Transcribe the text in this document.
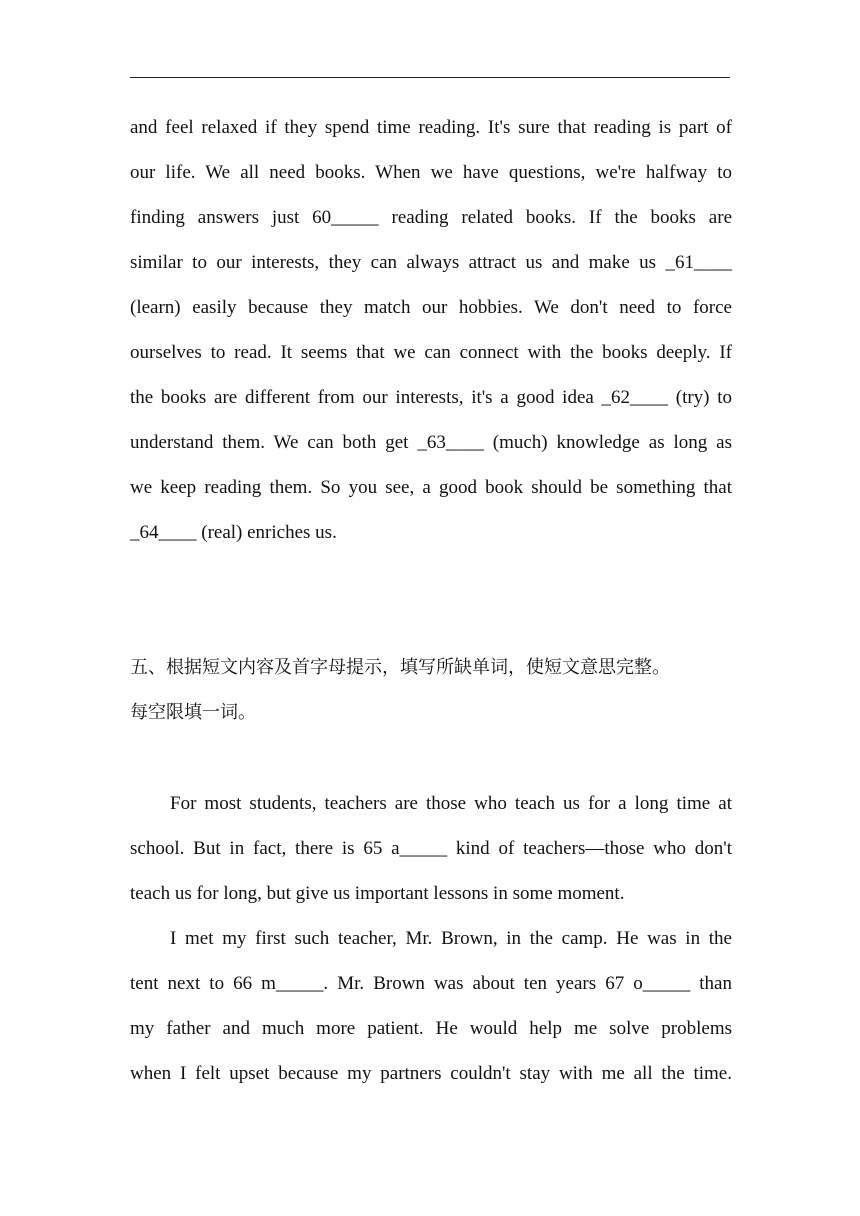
and feel relaxed if they spend time reading. It's sure that reading is part of
our life. We all need books. When we have questions, we're halfway to
finding answers just 60_____ reading related books. If the books are
similar to our interests, they can always attract us and make us _61____
(learn) easily because they match our hobbies. We don't need to force
ourselves to read. It seems that we can connect with the books deeply. If
the books are different from our interests, it's a good idea _62____ (try) to
understand them. We can both get _63____ (much) knowledge as long as
we keep reading them. So you see, a good book should be something that
_64____ (real) enriches us.
五、根据短文内容及首字母提示，填写所缺单词，使短文意思完整。
每空限填一词。
For most students, teachers are those who teach us for a long time at
school. But in fact, there is 65 a_____ kind of teachers—those who don't
teach us for long, but give us important lessons in some moment.
I met my first such teacher, Mr. Brown, in the camp. He was in the
tent next to 66 m_____. Mr. Brown was about ten years 67 o_____ than
my father and much more patient. He would help me solve problems
when I felt upset because my partners couldn't stay with me all the time.
